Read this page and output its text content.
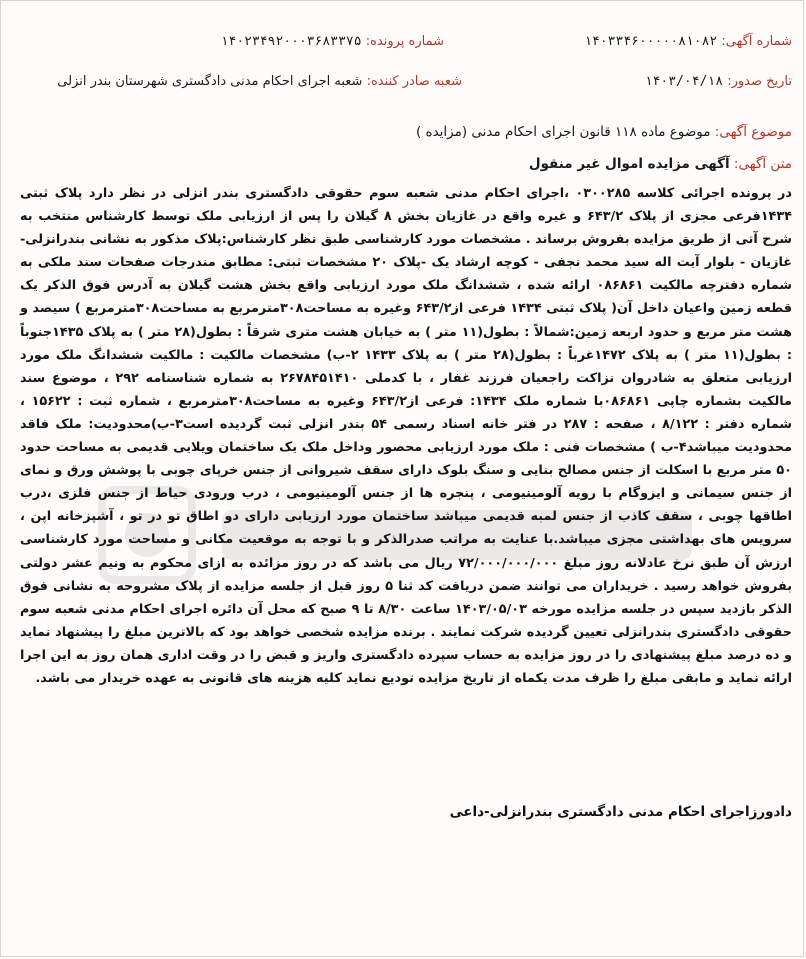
شماره آگهی: ۱۴۰۳۳۴۶۰۰۰۰۰۸۱۰۸۲
شماره پرونده: ۱۴۰۲۳۴۹۲۰۰۰۳۶۸۳۳۷۵
تاریخ صدور: ۱۴۰۳/۰۴/۱۸
شعبه صادر کننده: شعبه اجرای احکام مدنی دادگستری شهرستان بندر انزلی
موضوع آگهی: موضوع ماده ۱۱۸ قانون اجرای احکام مدنی (مزایده )
متن آگهی: آگهی مزایده اموال غیر منقول
در پرونده اجرائی کلاسه ۰۳۰۰۲۸۵ ،اجرای احکام مدنی شعبه سوم حقوقی دادگستری بندر انزلی در نظر دارد پلاک ثبتی ۱۴۳۴فرعی مجزی از پلاک ۶۴۳/۲ و غیره واقع در غازیان بخش ۸ گیلان را پس از ارزیابی ملک توسط کارشناس منتخب به شرح آتی از طریق مزایده بفروش برساند . مشخصات مورد کارشناسی طبق نظر کارشناس:پلاک مذکور به نشانی بندرانزلی-غازیان - بلوار آیت اله سید محمد نجفی - کوچه ارشاد یک -پلاک ۲۰ مشخصات ثبتی: مطابق مندرجات صفحات سند ملکی به شماره دفترچه مالکیت ۰۸۶۸۶۱ ارائه شده ، ششدانگ ملک مورد ارزیابی واقع بخش هشت گیلان به آدرس فوق الذکر یک قطعه زمین واعیان داخل آن( پلاک ثبتی ۱۴۳۴ فرعی از۶۴۳/۲ وغیره به مساحت۳۰۸مترمربع به مساحت۳۰۸مترمربع ) سیصد و هشت متر مربع و حدود اربعه زمین:شمالاً : بطول(۱۱ متر ) به خیابان هشت متری شرقاً : بطول(۲۸ متر ) به پلاک ۱۴۳۵جنوباً : بطول(۱۱ متر ) به پلاک ۱۴۷۲غرباً : بطول(۲۸ متر ) به پلاک ۱۴۳۳ ۲-ب) مشخصات مالکیت : مالکیت ششدانگ ملک مورد ارزیابی متعلق به شادروان نزاکت راجعیان فرزند غفار ، با کدملی ۲۶۷۸۴۵۱۴۱۰ به شماره شناسنامه ۲۹۲ ، موضوع سند مالکیت بشماره چاپی ۰۸۶۸۶۱با شماره ملک ۱۴۳۴: فرعی از۶۴۳/۲ وغیره به مساحت۳۰۸مترمربع ، شماره ثبت : ۱۵۶۲۲ ، شماره دفتر : ۸/۱۲۲ ، صفحه : ۲۸۷ در فتر خانه اسناد رسمی ۵۴ بندر انزلی ثبت گردیده است۳-ب)محدودیت: ملک فاقد محدودیت میباشد۴-ب ) مشخصات فنی : ملک مورد ارزیابی محصور وداخل ملک یک ساختمان ویلایی قدیمی به مساحت حدود ۵۰ متر مربع با اسکلت از جنس مصالح بنایی و سنگ بلوک دارای سقف شیروانی از جنس خرپای چوبی با پوشش ورق و نمای از جنس سیمانی و ایزوگام با رویه آلومینیومی ، پنجره ها از جنس آلومینیومی ، درب ورودی حیاط از جنس فلزی ،درب اطاقها چوبی ، سقف کاذب از جنس لمبه قدیمی میباشد ساختمان مورد ارزیابی دارای دو اطاق تو در تو ، آشپزخانه اپن ، سرویس های بهداشتی مجزی میباشد.با عنایت به مراتب صدرالذکر و با توجه به موقعیت مکانی و مساحت مورد کارشناسی ارزش آن طبق نرخ عادلانه روز مبلغ ۷۲/۰۰۰/۰۰۰/۰۰۰ ریال می باشد که در روز مزائده به ازای محکوم به ونیم عشر دولتی بفروش خواهد رسید . خریداران می توانند ضمن دریافت کد ثنا ۵ روز قبل از جلسه مزایده از پلاک مشروحه به نشانی فوق الذکر بازدید سپس در جلسه مزایده مورخه ۱۴۰۳/۰۵/۰۳ ساعت ۸/۳۰ تا ۹ صبح که محل آن دائره اجرای احکام مدنی شعبه سوم حقوقی دادگستری بندرانزلی تعیین گردیده شرکت نمایند . برنده مزایده شخصی خواهد بود که بالاترین مبلغ را پیشنهاد نماید و ده درصد مبلغ پیشنهادی را در روز مزایده به حساب سپرده دادگستری واریز و قبض را در وقت اداری همان روز به این اجرا ارائه نماید و مابقی مبلغ را ظرف مدت یکماه از تاریخ مزایده تودیع نماید کلیه هزینه های قانونی به عهده خریدار می باشد.
دادورزاجرای احکام مدنی دادگستری بندرانزلی-داعی
